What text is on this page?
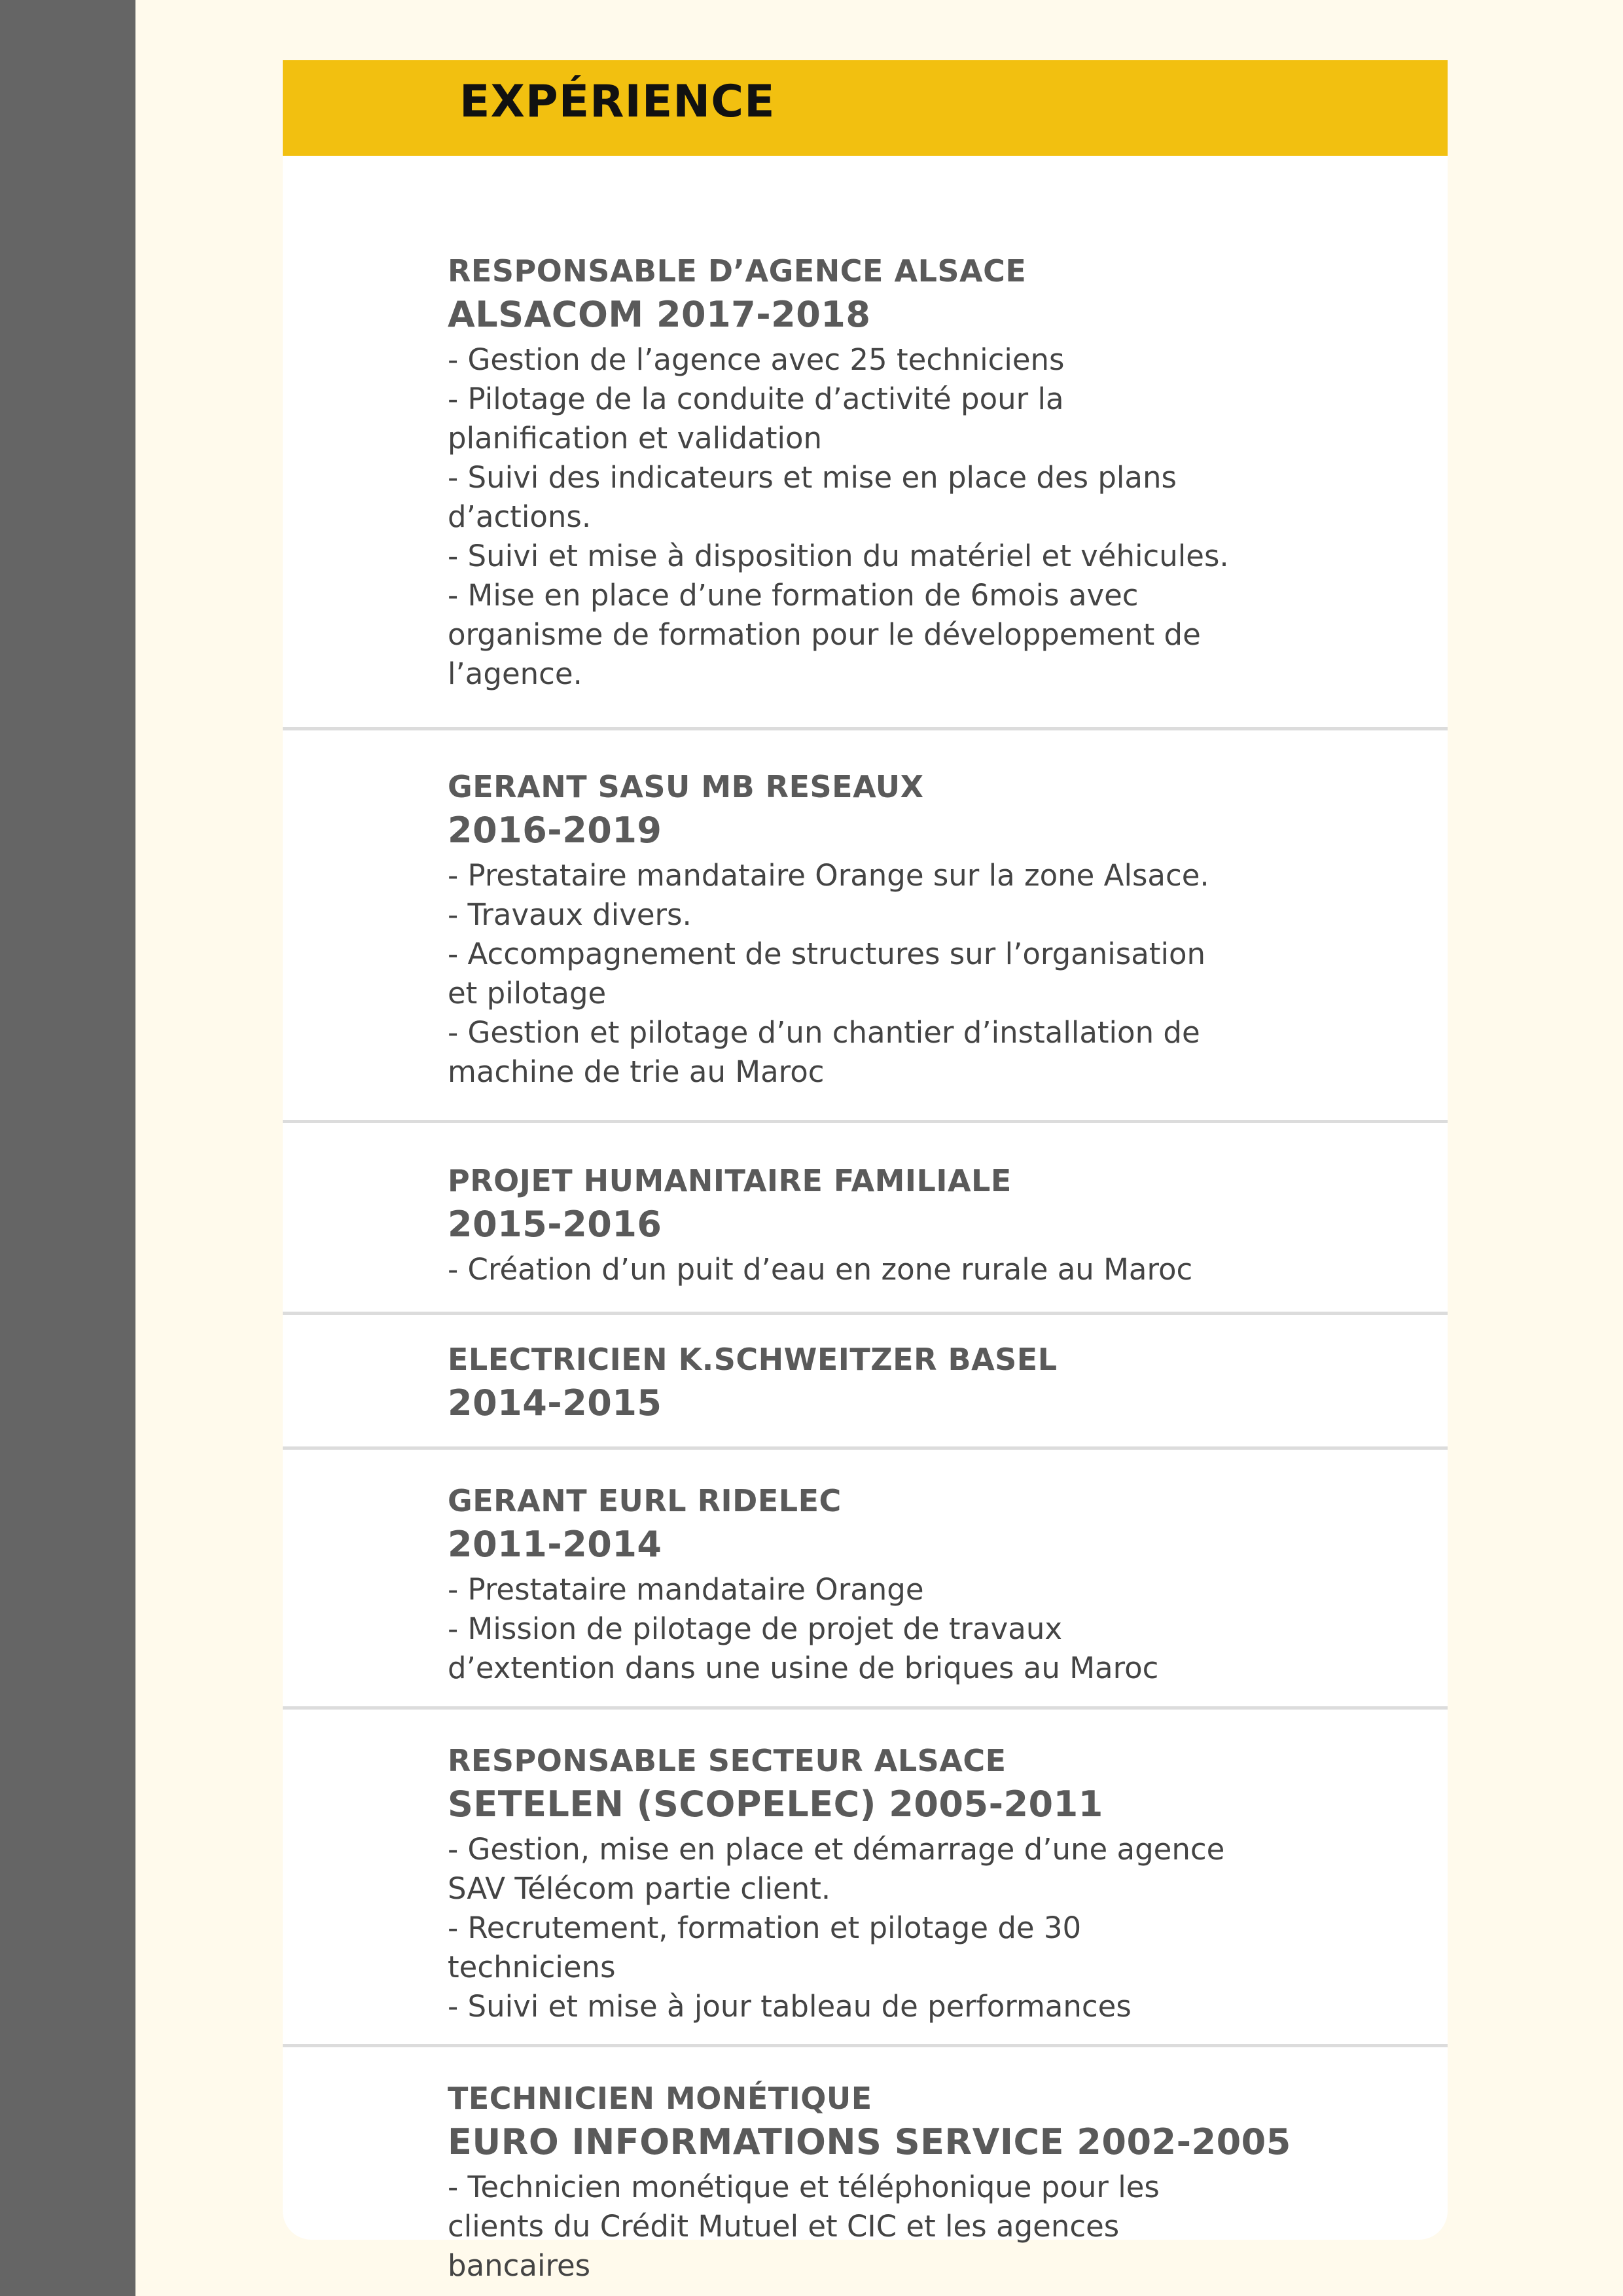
EXPÉRIENCE
RESPONSABLE D’AGENCE ALSACE
ALSACOM 2017-2018
- Gestion de l’agence avec 25 techniciens
- Pilotage de la conduite d’activité pour la
planification et validation
- Suivi des indicateurs et mise en place des plans
d’actions.
- Suivi et mise à disposition du matériel et véhicules.
- Mise en place d’une formation de 6mois avec
organisme de formation pour le développement de
l’agence.
GERANT SASU MB RESEAUX
2016-2019
- Prestataire mandataire Orange sur la zone Alsace.
- Travaux divers.
- Accompagnement de structures sur l’organisation
et pilotage
- Gestion et pilotage d’un chantier d’installation de
machine de trie au Maroc
PROJET HUMANITAIRE FAMILIALE
2015-2016
- Création d’un puit d’eau en zone rurale au Maroc
ELECTRICIEN K.SCHWEITZER BASEL
2014-2015
GERANT EURL RIDELEC
2011-2014
- Prestataire mandataire Orange
- Mission de pilotage de projet de travaux
d’extention dans une usine de briques au Maroc
RESPONSABLE SECTEUR ALSACE
SETELEN (SCOPELEC) 2005-2011
- Gestion, mise en place et démarrage d’une agence
SAV Télécom partie client.
- Recrutement, formation et pilotage de 30
techniciens
- Suivi et mise à jour tableau de performances
TECHNICIEN MONÉTIQUE
EURO INFORMATIONS SERVICE 2002-2005
- Technicien monétique et téléphonique pour les
clients du Crédit Mutuel et CIC et les agences
bancaires
